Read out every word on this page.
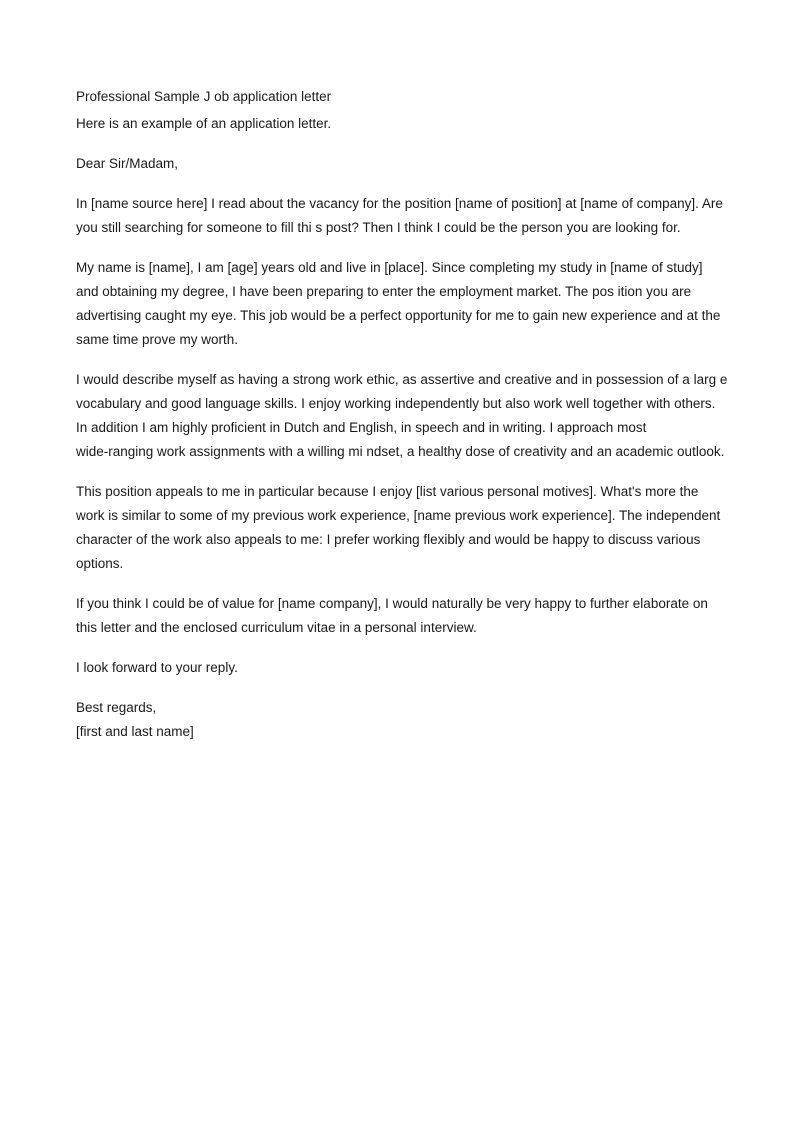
Professional Sample J ob application letter
Here is an example of an application letter.
Dear Sir/Madam,
In [name source here] I read about the vacancy for the position [name of position] at [name of company]. Are
you still searching for someone to fill thi s post? Then I think I could be the person you are looking for.
My name is [name], I am [age] years old and live in [place]. Since completing my study in [name of study]
and obtaining my degree, I have been preparing to enter the employment market. The pos ition you are
advertising caught my eye. This job would be a perfect opportunity for me to gain new experience and at the
same time prove my worth.
I would describe myself as having a strong work ethic, as assertive and creative and in possession of a larg e
vocabulary and good language skills. I enjoy working independently but also work well together with others.
In addition I am highly proficient in Dutch and English, in speech and in writing. I approach most
wide-ranging work assignments with a willing mi ndset, a healthy dose of creativity and an academic outlook.
This position appeals to me in particular because I enjoy [list various personal motives]. What's more the
work is similar to some of my previous work experience, [name previous work experience]. The independent
character of the work also appeals to me: I prefer working flexibly and would be happy to discuss various
options.
If you think I could be of value for [name company], I would naturally be very happy to further elaborate on
this letter and the enclosed curriculum vitae in a personal interview.
I look forward to your reply.
Best regards,
[first and last name]
